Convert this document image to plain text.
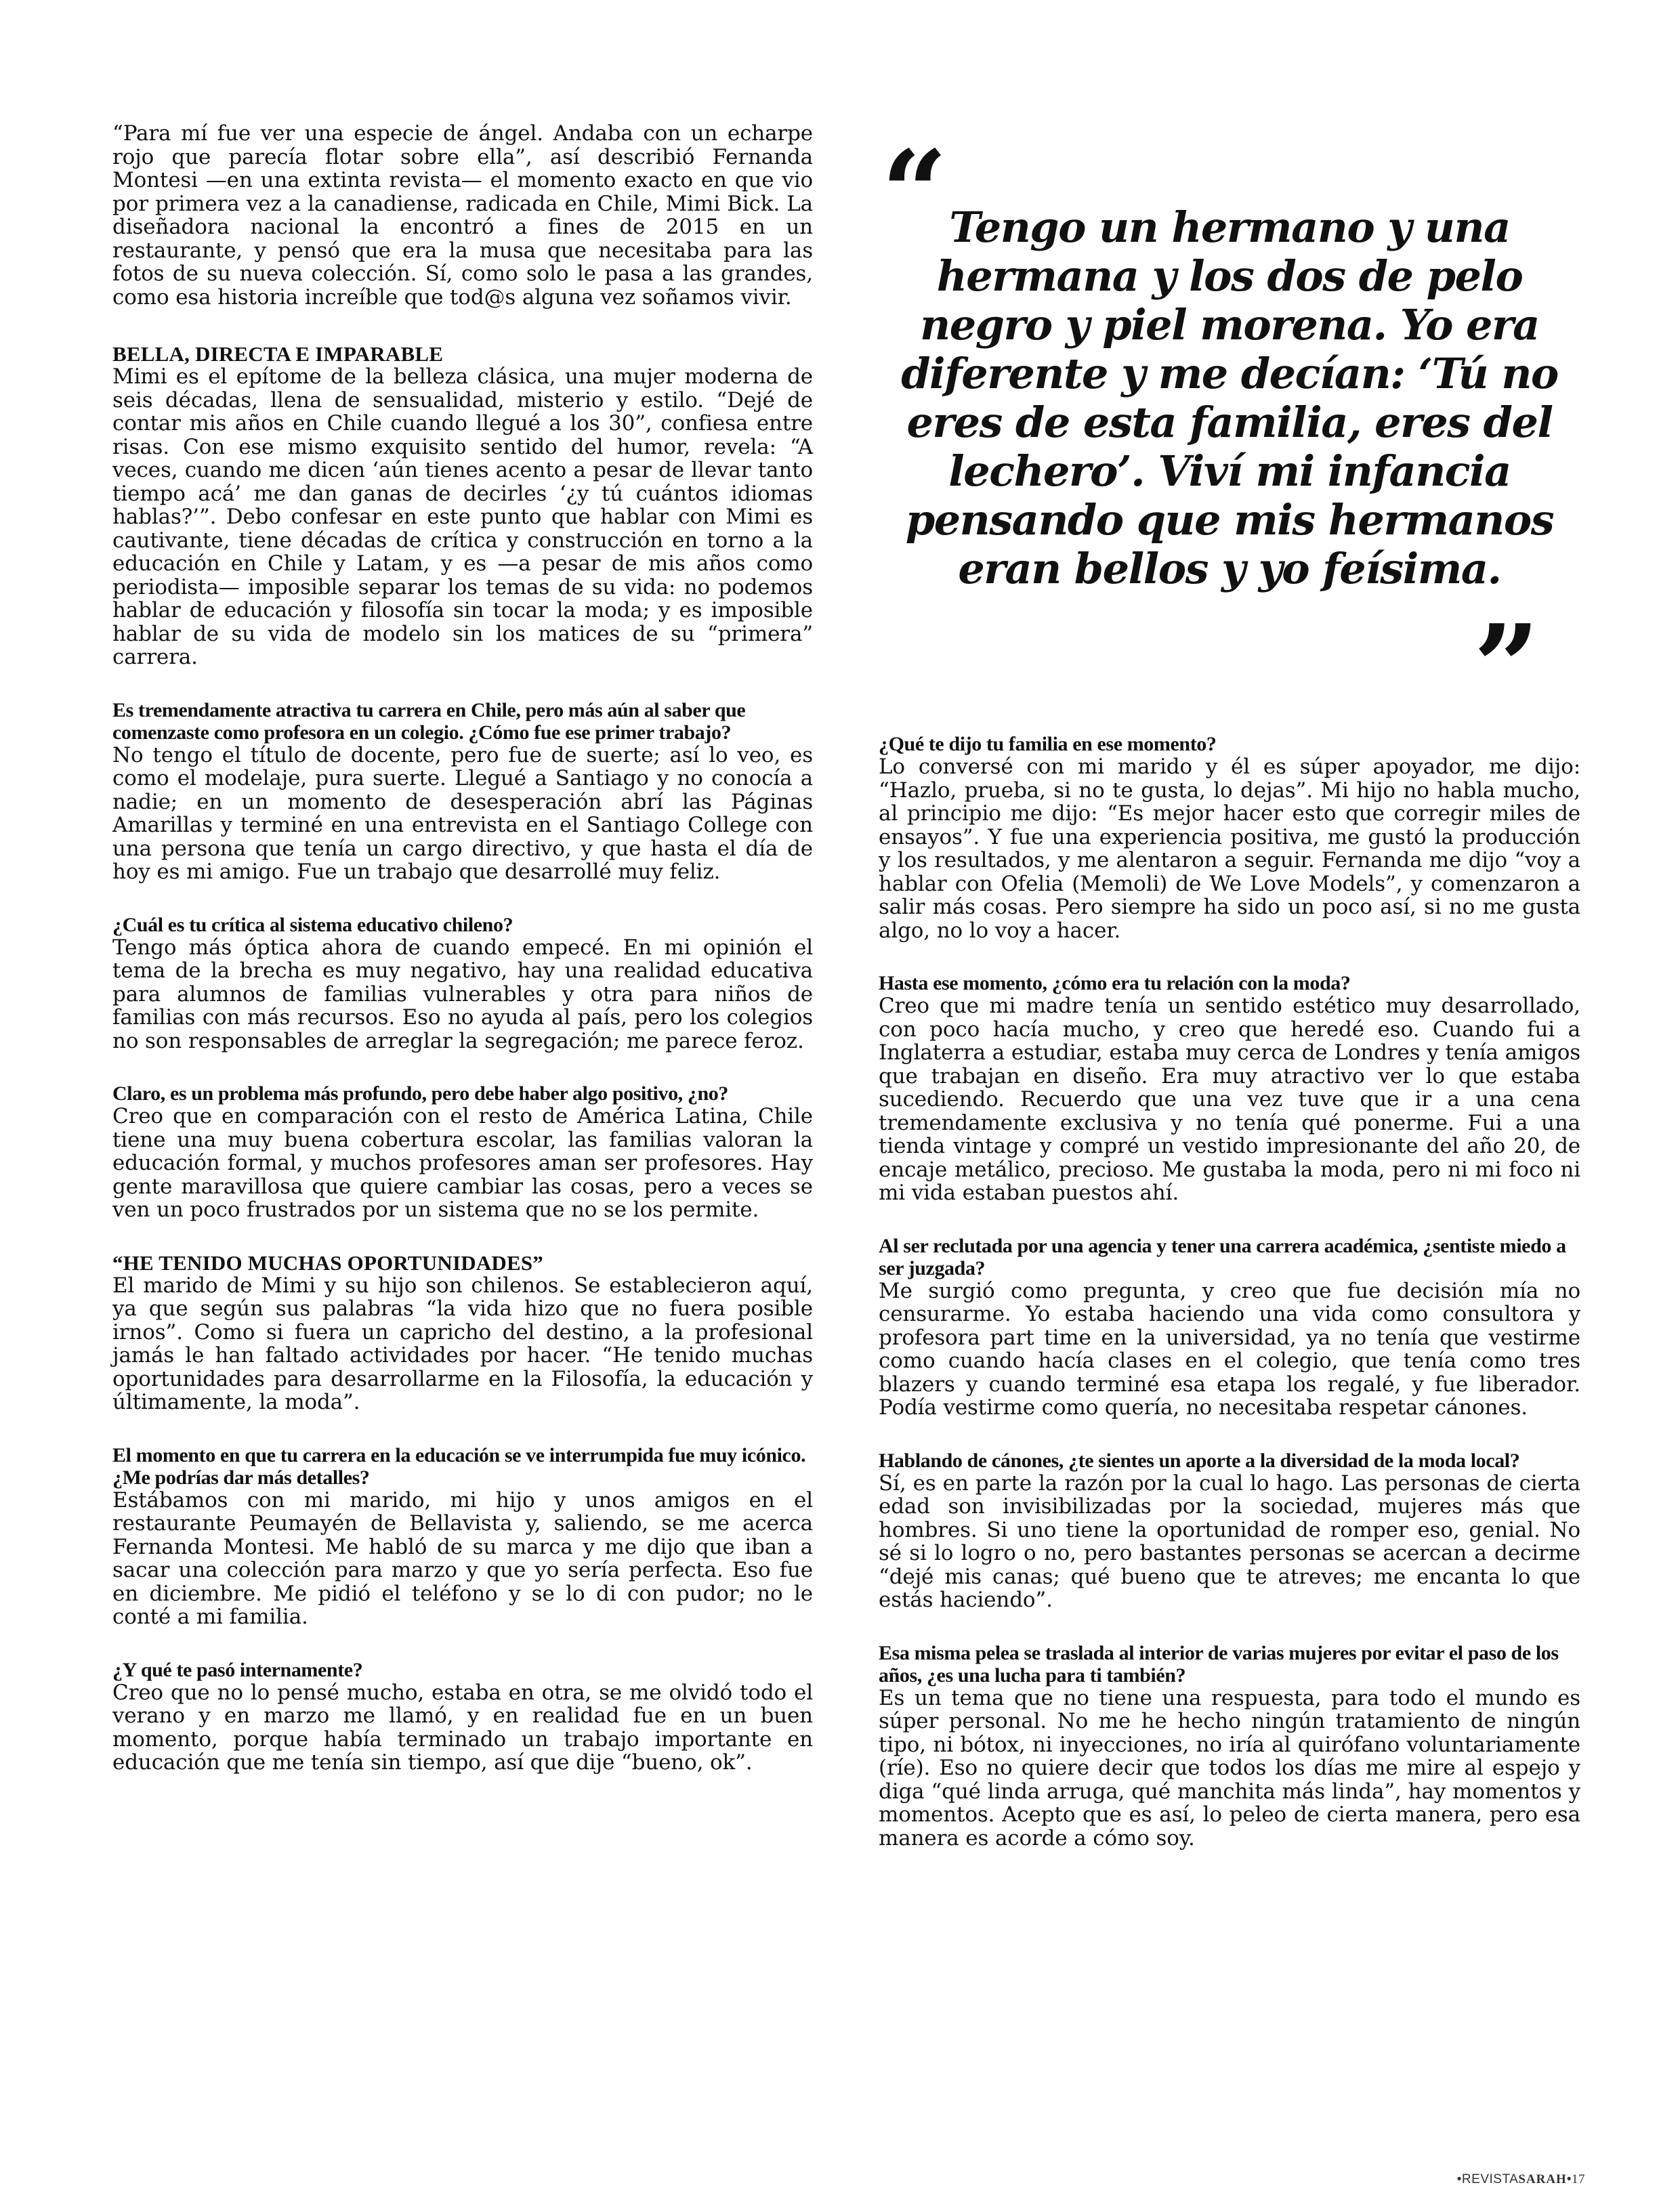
“Para mí fue ver una especie de ángel. Andaba con un echarpe rojo que parecía flotar sobre ella”, así describió Fernanda Montesi —en una extinta revista— el momento exacto en que vio por primera vez a la canadiense, radicada en Chile, Mimi Bick. La diseñadora nacional la encontró a fines de 2015 en un restaurante, y pensó que era la musa que necesitaba para las fotos de su nueva colección. Sí, como solo le pasa a las grandes, como esa historia increíble que tod@s alguna vez soñamos vivir.

BELLA, DIRECTA E IMPARABLE

Mimi es el epítome de la belleza clásica, una mujer moderna de seis décadas, llena de sensualidad, misterio y estilo. “Dejé de contar mis años en Chile cuando llegué a los 30”, confiesa entre risas. Con ese mismo exquisito sentido del humor, revela: “A veces, cuando me dicen ‘aún tienes acento a pesar de llevar tanto tiempo acá’ me dan ganas de decirles ‘¿y tú cuántos idiomas hablas?’”. Debo confesar en este punto que hablar con Mimi es cautivante, tiene décadas de crítica y construcción en torno a la educación en Chile y Latam, y es —a pesar de mis años como periodista— imposible separar los temas de su vida: no podemos hablar de educación y filosofía sin tocar la moda; y es imposible hablar de su vida de modelo sin los matices de su “primera” carrera.

Es tremendamente atractiva tu carrera en Chile, pero más aún al saber que comenzaste como profesora en un colegio. ¿Cómo fue ese primer trabajo?

No tengo el título de docente, pero fue de suerte; así lo veo, es como el modelaje, pura suerte. Llegué a Santiago y no conocía a nadie; en un momento de desesperación abrí las Páginas Amarillas y terminé en una entrevista en el Santiago College con una persona que tenía un cargo directivo, y que hasta el día de hoy es mi amigo. Fue un trabajo que desarrollé muy feliz.

¿Cuál es tu crítica al sistema educativo chileno?

Tengo más óptica ahora de cuando empecé. En mi opinión el tema de la brecha es muy negativo, hay una realidad educativa para alumnos de familias vulnerables y otra para niños de familias con más recursos. Eso no ayuda al país, pero los colegios no son responsables de arreglar la segregación; me parece feroz.

Claro, es un problema más profundo, pero debe haber algo positivo, ¿no?

Creo que en comparación con el resto de América Latina, Chile tiene una muy buena cobertura escolar, las familias valoran la educación formal, y muchos profesores aman ser profesores. Hay gente maravillosa que quiere cambiar las cosas, pero a veces se ven un poco frustrados por un sistema que no se los permite.

“HE TENIDO MUCHAS OPORTUNIDADES”

El marido de Mimi y su hijo son chilenos. Se establecieron aquí, ya que según sus palabras “la vida hizo que no fuera posible irnos”. Como si fuera un capricho del destino, a la profesional jamás le han faltado actividades por hacer. “He tenido muchas oportunidades para desarrollarme en la Filosofía, la educación y últimamente, la moda”.

El momento en que tu carrera en la educación se ve interrumpida fue muy icónico. ¿Me podrías dar más detalles?

Estábamos con mi marido, mi hijo y unos amigos en el restaurante Peumayén de Bellavista y, saliendo, se me acerca Fernanda Montesi. Me habló de su marca y me dijo que iban a sacar una colección para marzo y que yo sería perfecta. Eso fue en diciembre. Me pidió el teléfono y se lo di con pudor; no le conté a mi familia.

¿Y qué te pasó internamente?

Creo que no lo pensé mucho, estaba en otra, se me olvidó todo el verano y en marzo me llamó, y en realidad fue en un buen momento, porque había terminado un trabajo importante en educación que me tenía sin tiempo, así que dije “bueno, ok”.

“ Tengo un hermano y una hermana y los dos de pelo negro y piel morena. Yo era diferente y me decían: ‘Tú no eres de esta familia, eres del lechero’. Viví mi infancia pensando que mis hermanos eran bellos y yo feísima.
”

¿Qué te dijo tu familia en ese momento?

Lo conversé con mi marido y él es súper apoyador, me dijo: “Hazlo, prueba, si no te gusta, lo dejas”. Mi hijo no habla mucho, al principio me dijo: “Es mejor hacer esto que corregir miles de ensayos”. Y fue una experiencia positiva, me gustó la producción y los resultados, y me alentaron a seguir. Fernanda me dijo “voy a hablar con Ofelia (Memoli) de We Love Models”, y comenzaron a salir más cosas. Pero siempre ha sido un poco así, si no me gusta algo, no lo voy a hacer.

Hasta ese momento, ¿cómo era tu relación con la moda?

Creo que mi madre tenía un sentido estético muy desarrollado, con poco hacía mucho, y creo que heredé eso. Cuando fui a Inglaterra a estudiar, estaba muy cerca de Londres y tenía amigos que trabajan en diseño. Era muy atractivo ver lo que estaba sucediendo. Recuerdo que una vez tuve que ir a una cena tremendamente exclusiva y no tenía qué ponerme. Fui a una tienda vintage y compré un vestido impresionante del año 20, de encaje metálico, precioso. Me gustaba la moda, pero ni mi foco ni mi vida estaban puestos ahí.

Al ser reclutada por una agencia y tener una carrera académica, ¿sentiste miedo a ser juzgada?

Me surgió como pregunta, y creo que fue decisión mía no censurarme. Yo estaba haciendo una vida como consultora y profesora part time en la universidad, ya no tenía que vestirme como cuando hacía clases en el colegio, que tenía como tres blazers y cuando terminé esa etapa los regalé, y fue liberador. Podía vestirme como quería, no necesitaba respetar cánones.

Hablando de cánones, ¿te sientes un aporte a la diversidad de la moda local?

Sí, es en parte la razón por la cual lo hago. Las personas de cierta edad son invisibilizadas por la sociedad, mujeres más que hombres. Si uno tiene la oportunidad de romper eso, genial. No sé si lo logro o no, pero bastantes personas se acercan a decirme “dejé mis canas; qué bueno que te atreves; me encanta lo que estás haciendo”.

Esa misma pelea se traslada al interior de varias mujeres por evitar el paso de los años, ¿es una lucha para ti también?

Es un tema que no tiene una respuesta, para todo el mundo es súper personal. No me he hecho ningún tratamiento de ningún tipo, ni bótox, ni inyecciones, no iría al quirófano voluntariamente (ríe). Eso no quiere decir que todos los días me mire al espejo y diga “qué linda arruga, qué manchita más linda”, hay momentos y momentos. Acepto que es así, lo peleo de cierta manera, pero esa manera es acorde a cómo soy.

•REVISTASARAH•17
